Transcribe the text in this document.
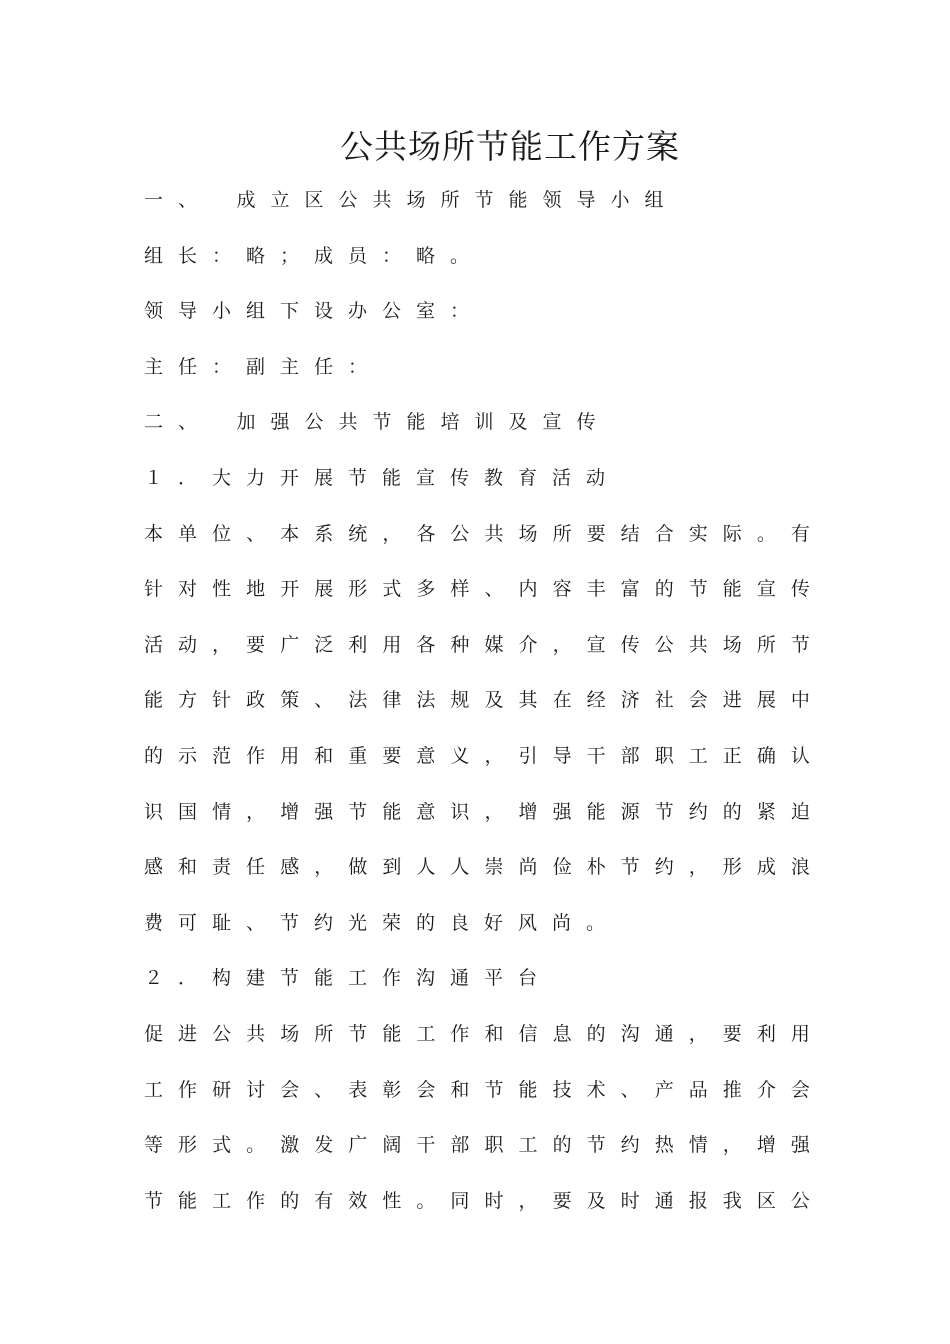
公共场所节能工作方案
一、　成立区公共场所节能领导小组
组长：略；成员：略。
领导小组下设办公室：
主任：副主任：
二、　加强公共节能培训及宣传
１．大力开展节能宣传教育活动
本 单 位 、 本 系 统 ， 各 公 共 场 所 要 结 合 实 际 。 有
针 对 性 地 开 展 形 式 多 样 、 内 容 丰 富 的 节 能 宣 传
活 动 ， 要 广 泛 利 用 各 种 媒 介 ， 宣 传 公 共 场 所 节
能 方 针 政 策 、 法 律 法 规 及 其 在 经 济 社 会 进 展 中
的 示 范 作 用 和 重 要 意 义 ， 引 导 干 部 职 工 正 确 认
识 国 情 ， 增 强 节 能 意 识 ， 增 强 能 源 节 约 的 紧 迫
感 和 责 任 感 ， 做 到 人 人 崇 尚 俭 朴 节 约 ， 形 成 浪
费可耻、节约光荣的良好风尚。
２．构建节能工作沟通平台
促 进 公 共 场 所 节 能 工 作 和 信 息 的 沟 通 ， 要 利 用
工 作 研 讨 会 、 表 彰 会 和 节 能 技 术 、 产 品 推 介 会
等 形 式 。 激 发 广 阔 干 部 职 工 的 节 约 热 情 ， 增 强
节 能 工 作 的 有 效 性 。 同 时 ， 要 及 时 通 报 我 区 公
